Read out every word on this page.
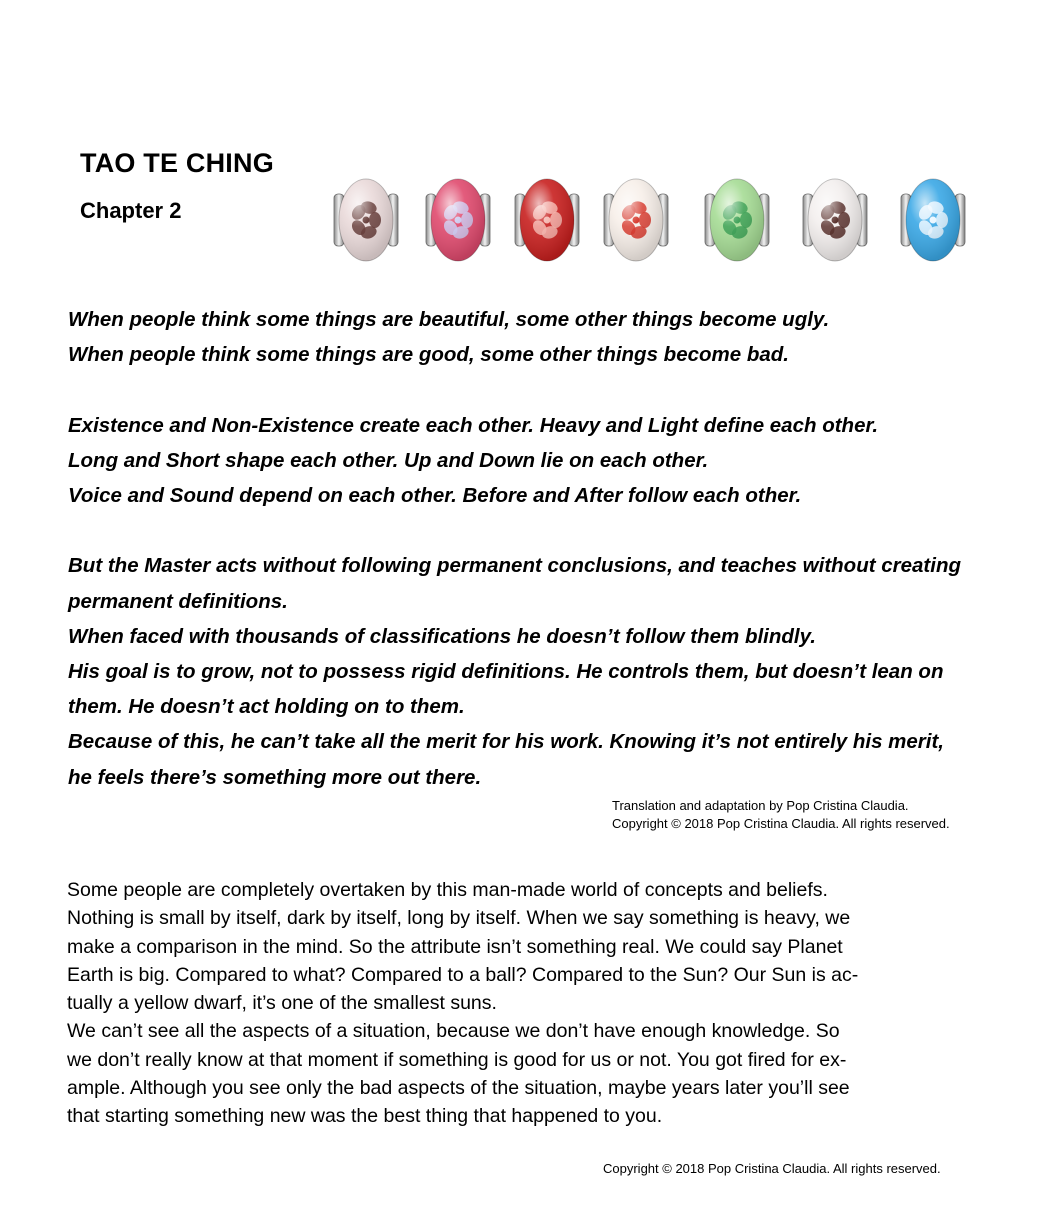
TAO TE CHING
Chapter 2
When people think some things are beautiful, some other things become ugly.
When people think some things are good, some other things become bad.
Existence and Non-Existence create each other. Heavy and Light define each other.
Long and Short shape each other. Up and Down lie on each other.
Voice and Sound depend on each other. Before and After follow each other.
But the Master acts without following permanent conclusions, and teaches without creating
permanent definitions.
When faced with thousands of classifications he doesn’t follow them blindly.
His goal is to grow, not to possess rigid definitions. He controls them, but doesn’t lean on
them. He doesn’t act holding on to them.
Because of this, he can’t take all the merit for his work. Knowing it’s not entirely his merit,
he feels there’s something more out there.
Translation and adaptation by Pop Cristina Claudia.
Copyright © 2018 Pop Cristina Claudia. All rights reserved.
Some people are completely overtaken by this man-made world of concepts and beliefs.
Nothing is small by itself, dark by itself, long by itself. When we say something is heavy, we
make a comparison in the mind. So the attribute isn’t something real. We could say Planet
Earth is big. Compared to what? Compared to a ball? Compared to the Sun? Our Sun is ac-
tually a yellow dwarf, it’s one of the smallest suns.
We can’t see all the aspects of a situation, because we don’t have enough knowledge. So
we don’t really know at that moment if something is good for us or not. You got fired for ex-
ample. Although you see only the bad aspects of the situation, maybe years later you’ll see
that starting something new was the best thing that happened to you.
Copyright © 2018 Pop Cristina Claudia. All rights reserved.
